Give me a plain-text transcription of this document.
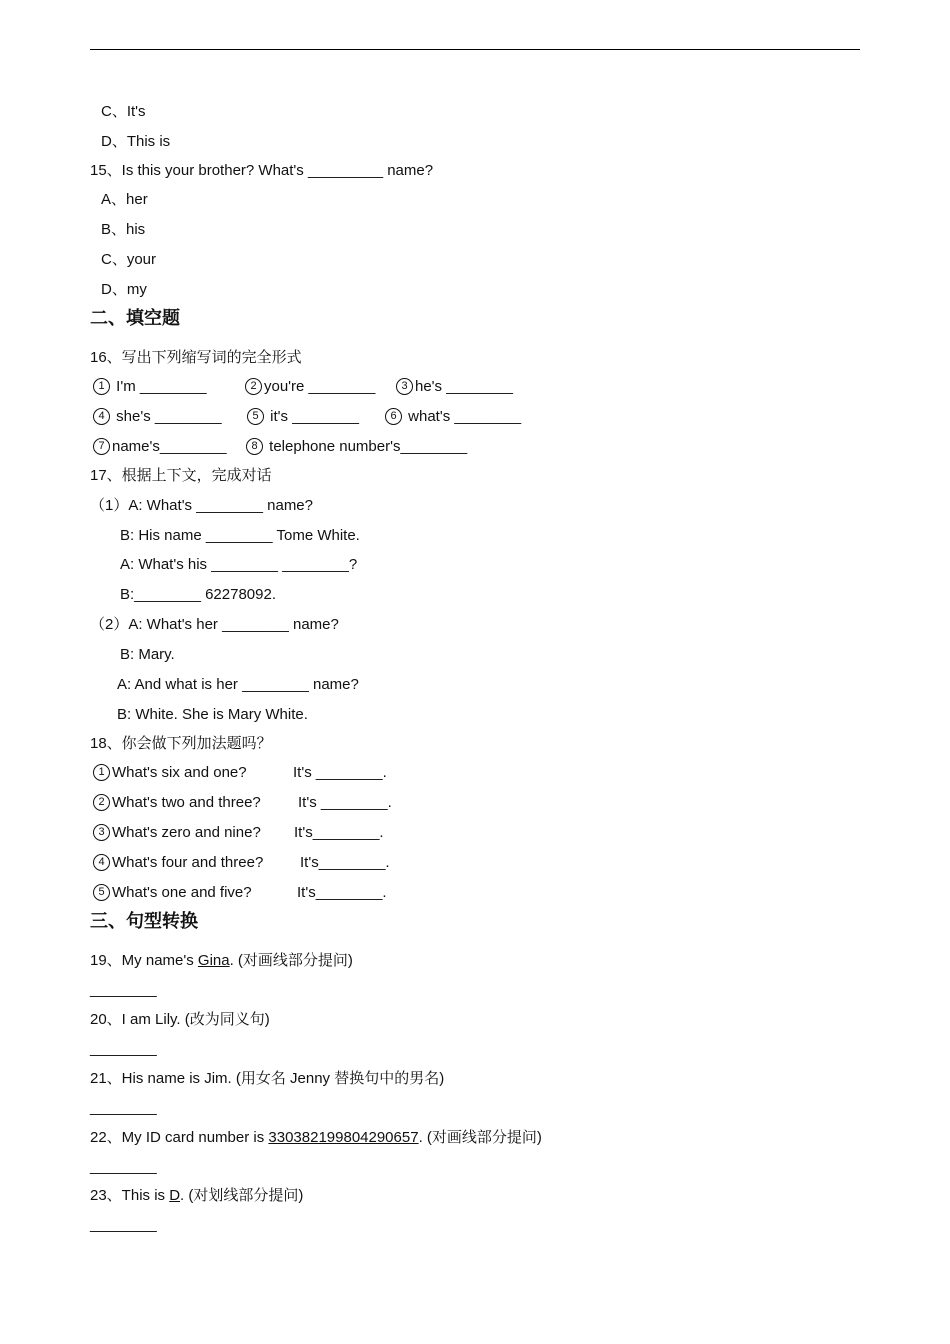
C、It's
D、This is
15、Is this your brother? What's _________ name?
A、her
B、his
C、your
D、my
二、填空题
16、写出下列缩写词的完全形式
1 I'm ________	2 you're ________	3 he's ________
4 she's ________	5 it's ________	6 what's ________
7 name's________	8 telephone number's________
17、根据上下文，完成对话
（1）A: What's ________ name?
B: His name ________ Tome White.
A: What's his ________ ________?
B:________ 62278092.
（2）A: What's her ________ name?
B: Mary.
A: And what is her ________ name?
B: White. She is Mary White.
18、你会做下列加法题吗？
1 What's six and one?	It's ________.
2 What's two and three? It's ________.
3 What's zero and nine? It's________.
4 What's four and three? It's________.
5 What's one and five?	It's________.
三、句型转换
19、My name's Gina. (对画线部分提问)
________
20、I am Lily. (改为同义句)
________
21、His name is Jim. (用女名 Jenny 替换句中的男名)
________
22、My ID card number is 330382199804290657. (对画线部分提问)
________
23、This is D. (对划线部分提问)
________
